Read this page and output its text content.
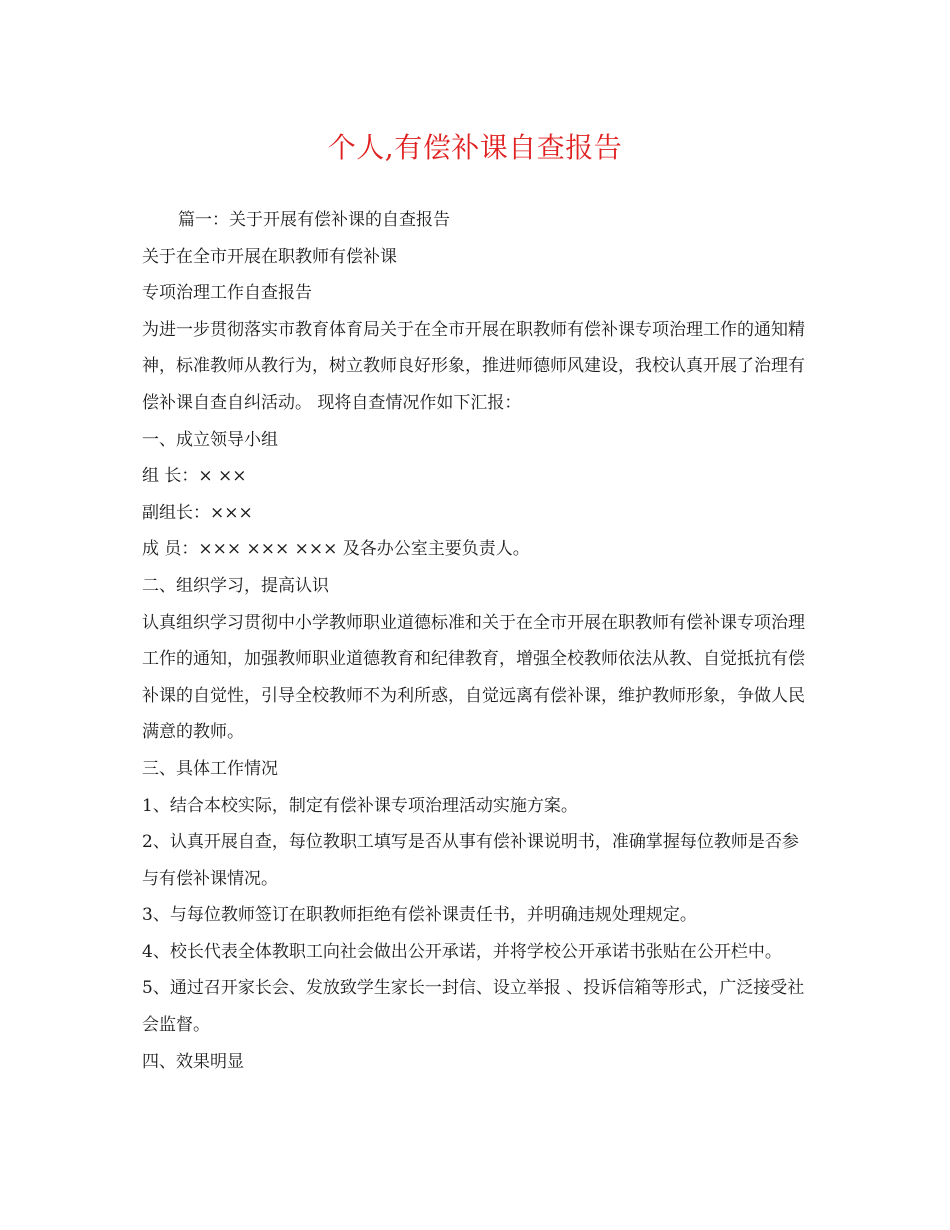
个人,有偿补课自查报告

篇一：关于开展有偿补课的自查报告

关于在全市开展在职教师有偿补课

专项治理工作自查报告

为进一步贯彻落实市教育体育局关于在全市开展在职教师有偿补课专项治理工作的通知精神，标准教师从教行为，树立教师良好形象，推进师德师风建设，我校认真开展了治理有偿补课自查自纠活动。 现将自查情况作如下汇报：

一、成立领导小组

组 长：× ××

副组长：×××

成 员：××× ××× ××× 及各办公室主要负责人。

二、组织学习，提高认识

认真组织学习贯彻中小学教师职业道德标准和关于在全市开展在职教师有偿补课专项治理工作的通知，加强教师职业道德教育和纪律教育，增强全校教师依法从教、自觉抵抗有偿补课的自觉性，引导全校教师不为利所惑，自觉远离有偿补课，维护教师形象，争做人民满意的教师。

三、具体工作情况

1、结合本校实际，制定有偿补课专项治理活动实施方案。

2、认真开展自查，每位教职工填写是否从事有偿补课说明书，准确掌握每位教师是否参与有偿补课情况。

3、与每位教师签订在职教师拒绝有偿补课责任书，并明确违规处理规定。

4、校长代表全体教职工向社会做出公开承诺，并将学校公开承诺书张贴在公开栏中。

5、通过召开家长会、发放致学生家长一封信、设立举报 、投诉信箱等形式，广泛接受社会监督。

四、效果明显
